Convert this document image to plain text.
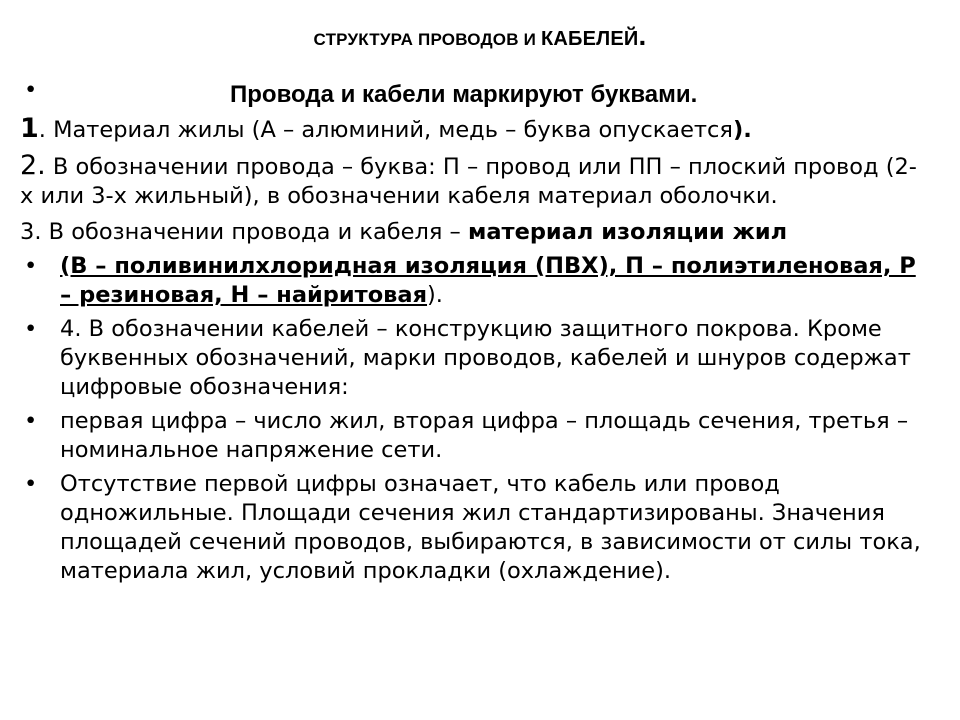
СТРУКТУРА ПРОВОДОВ И КАБЕЛЕЙ.
•	Провода и кабели маркируют буквами.

1. Материал жилы (А – алюминий, медь – буква опускается).

2. В обозначении провода – буква: П – провод или ПП – плоский провод (2-х или 3-х жильный), в обозначении кабеля материал оболочки.

3. В обозначении провода и кабеля – материал изоляции жил

• (В – поливинилхлоридная изоляция (ПВХ), П – полиэтиленовая, Р – резиновая, Н – найритовая).
• 4. В обозначении кабелей – конструкцию защитного покрова. Кроме буквенных обозначений, марки проводов, кабелей и шнуров содержат цифровые обозначения:
• первая цифра – число жил, вторая цифра – площадь сечения, третья – номинальное напряжение сети.
• Отсутствие первой цифры означает, что кабель или провод одножильные. Площади сечения жил стандартизированы. Значения площадей сечений проводов, выбираются, в зависимости от силы тока, материала жил, условий прокладки (охлаждение).
